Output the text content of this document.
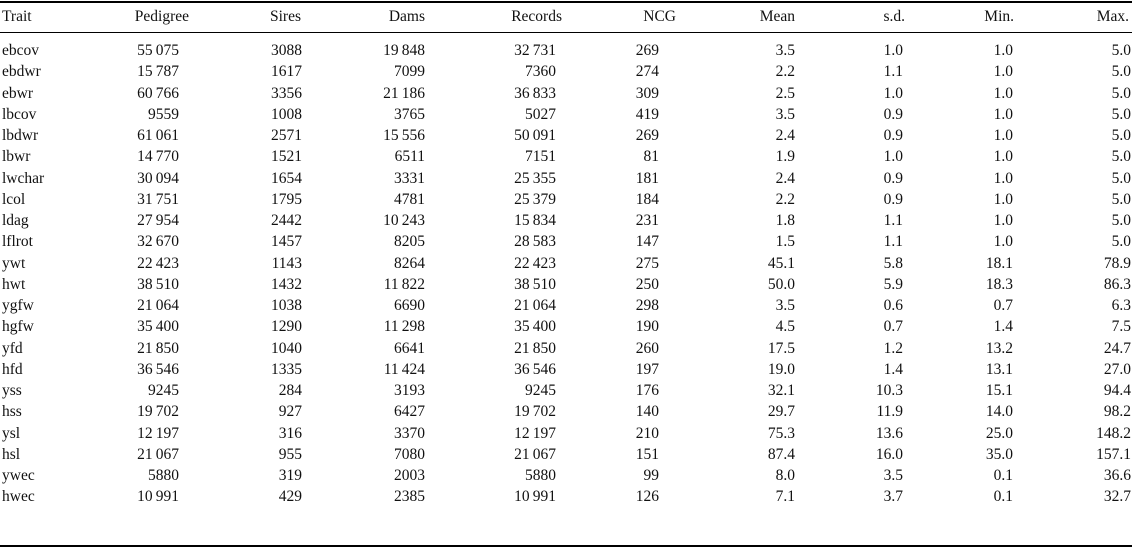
Trait	Pedigree	Sires	Dams	Records	NCG	Mean	s.d.	Min.	Max.
ebcov	55 075	3088	19 848	32 731	269	3.5	1.0	1.0	5.0
ebdwr	15 787	1617	7099	7360	274	2.2	1.1	1.0	5.0
ebwr	60 766	3356	21 186	36 833	309	2.5	1.0	1.0	5.0
lbcov	9559	1008	3765	5027	419	3.5	0.9	1.0	5.0
lbdwr	61 061	2571	15 556	50 091	269	2.4	0.9	1.0	5.0
lbwr	14 770	1521	6511	7151	81	1.9	1.0	1.0	5.0
lwchar	30 094	1654	3331	25 355	181	2.4	0.9	1.0	5.0
lcol	31 751	1795	4781	25 379	184	2.2	0.9	1.0	5.0
ldag	27 954	2442	10 243	15 834	231	1.8	1.1	1.0	5.0
lflrot	32 670	1457	8205	28 583	147	1.5	1.1	1.0	5.0
ywt	22 423	1143	8264	22 423	275	45.1	5.8	18.1	78.9
hwt	38 510	1432	11 822	38 510	250	50.0	5.9	18.3	86.3
ygfw	21 064	1038	6690	21 064	298	3.5	0.6	0.7	6.3
hgfw	35 400	1290	11 298	35 400	190	4.5	0.7	1.4	7.5
yfd	21 850	1040	6641	21 850	260	17.5	1.2	13.2	24.7
hfd	36 546	1335	11 424	36 546	197	19.0	1.4	13.1	27.0
yss	9245	284	3193	9245	176	32.1	10.3	15.1	94.4
hss	19 702	927	6427	19 702	140	29.7	11.9	14.0	98.2
ysl	12 197	316	3370	12 197	210	75.3	13.6	25.0	148.2
hsl	21 067	955	7080	21 067	151	87.4	16.0	35.0	157.1
ywec	5880	319	2003	5880	99	8.0	3.5	0.1	36.6
hwec	10 991	429	2385	10 991	126	7.1	3.7	0.1	32.7
